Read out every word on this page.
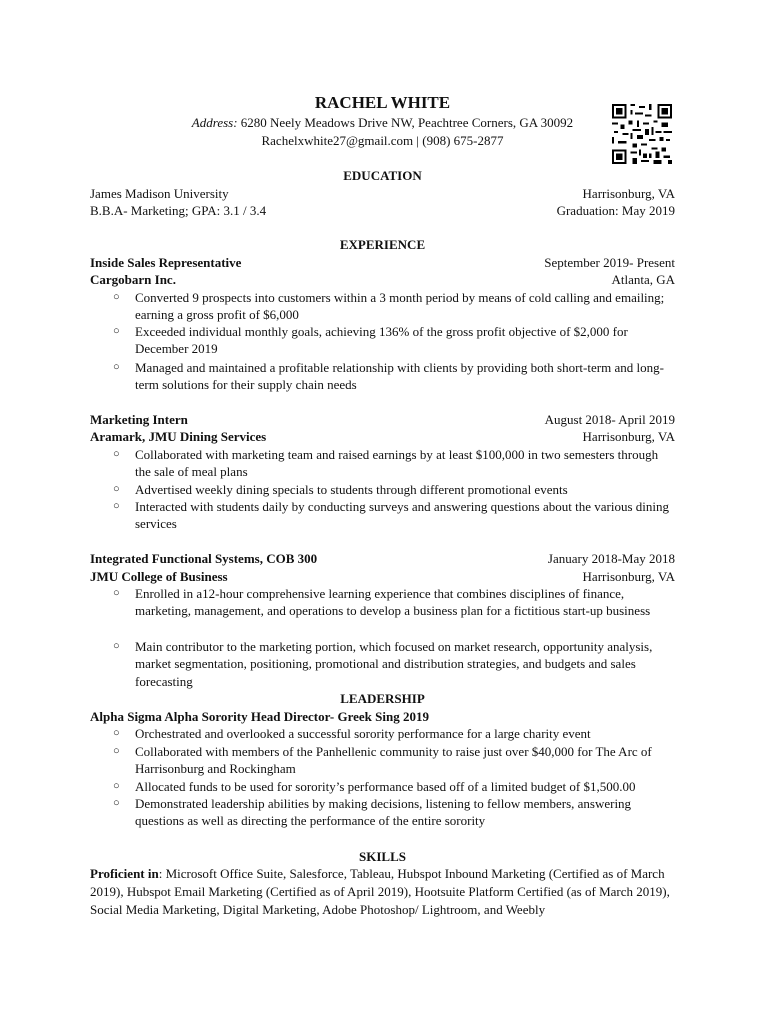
RACHEL WHITE
Address: 6280 Neely Meadows Drive NW, Peachtree Corners, GA 30092
Rachelxwhite27@gmail.com | (908) 675-2877
EDUCATION
James Madison University	Harrisonburg, VA
B.B.A- Marketing; GPA: 3.1 / 3.4	Graduation: May 2019
EXPERIENCE
Inside Sales Representative	September 2019- Present
Cargobarn Inc.	Atlanta, GA
○	Converted 9 prospects into customers within a 3 month period by means of cold calling and emailing; earning a gross profit of $6,000
○	Exceeded individual monthly goals, achieving 136% of the gross profit objective of $2,000 for December 2019
○	Managed and maintained a profitable relationship with clients by providing both short-term and long-term solutions for their supply chain needs
Marketing Intern	August 2018- April 2019
Aramark, JMU Dining Services	Harrisonburg, VA
○	Collaborated with marketing team and raised earnings by at least $100,000 in two semesters through the sale of meal plans
○	Advertised weekly dining specials to students through different promotional events
○	Interacted with students daily by conducting surveys and answering questions about the various dining services
Integrated Functional Systems, COB 300	January 2018-May 2018
JMU College of Business	Harrisonburg, VA
○	Enrolled in a12-hour comprehensive learning experience that combines disciplines of finance, marketing, management, and operations to develop a business plan for a fictitious start-up business
○	Main contributor to the marketing portion, which focused on market research, opportunity analysis, market segmentation, positioning, promotional and distribution strategies, and budgets and sales forecasting
LEADERSHIP
Alpha Sigma Alpha Sorority Head Director- Greek Sing 2019
○	Orchestrated and overlooked a successful sorority performance for a large charity event
○	Collaborated with members of the Panhellenic community to raise just over $40,000 for The Arc of Harrisonburg and Rockingham
○	Allocated funds to be used for sorority’s performance based off of a limited budget of $1,500.00
○	Demonstrated leadership abilities by making decisions, listening to fellow members, answering questions as well as directing the performance of the entire sorority
SKILLS
Proficient in: Microsoft Office Suite, Salesforce, Tableau, Hubspot Inbound Marketing (Certified as of March 2019), Hubspot Email Marketing (Certified as of April 2019), Hootsuite Platform Certified (as of March 2019), Social Media Marketing, Digital Marketing, Adobe Photoshop/ Lightroom, and Weebly
